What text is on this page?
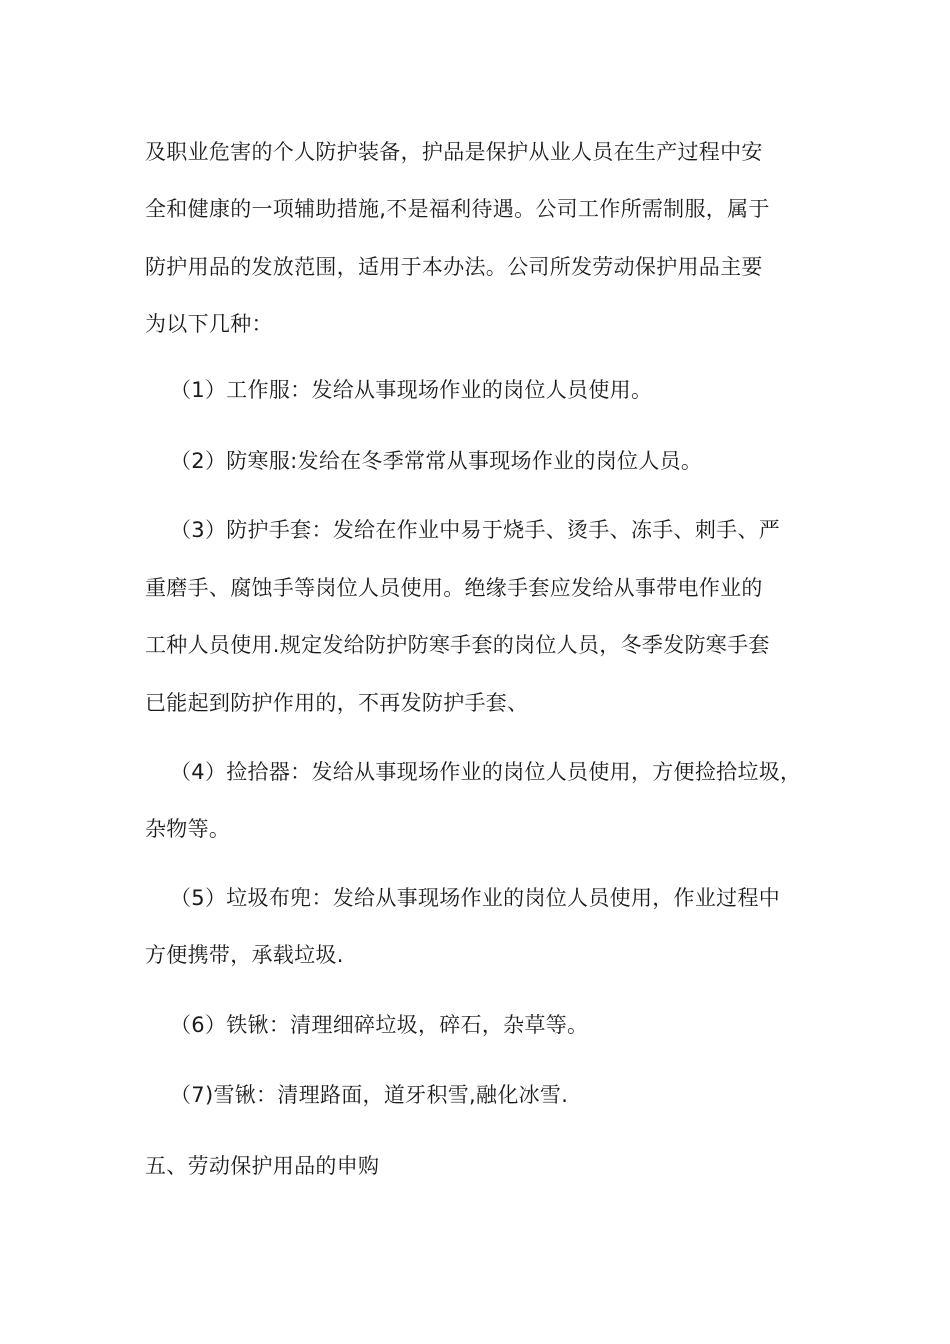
及职业危害的个人防护装备，护品是保护从业人员在生产过程中安
全和健康的一项辅助措施,不是福利待遇。公司工作所需制服，属于
防护用品的发放范围，适用于本办法。公司所发劳动保护用品主要
为以下几种：
（1）工作服：发给从事现场作业的岗位人员使用。
（2）防寒服:发给在冬季常常从事现场作业的岗位人员。
（3）防护手套：发给在作业中易于烧手、烫手、冻手、刺手、严
重磨手、腐蚀手等岗位人员使用。绝缘手套应发给从事带电作业的
工种人员使用.规定发给防护防寒手套的岗位人员，冬季发防寒手套
已能起到防护作用的，不再发防护手套、
（4）捡拾器：发给从事现场作业的岗位人员使用，方便捡拾垃圾，
杂物等。
（5）垃圾布兜：发给从事现场作业的岗位人员使用，作业过程中
方便携带，承载垃圾.
（6）铁锹：清理细碎垃圾，碎石，杂草等。
（7)雪锹：清理路面，道牙积雪,融化冰雪.
五、劳动保护用品的申购
